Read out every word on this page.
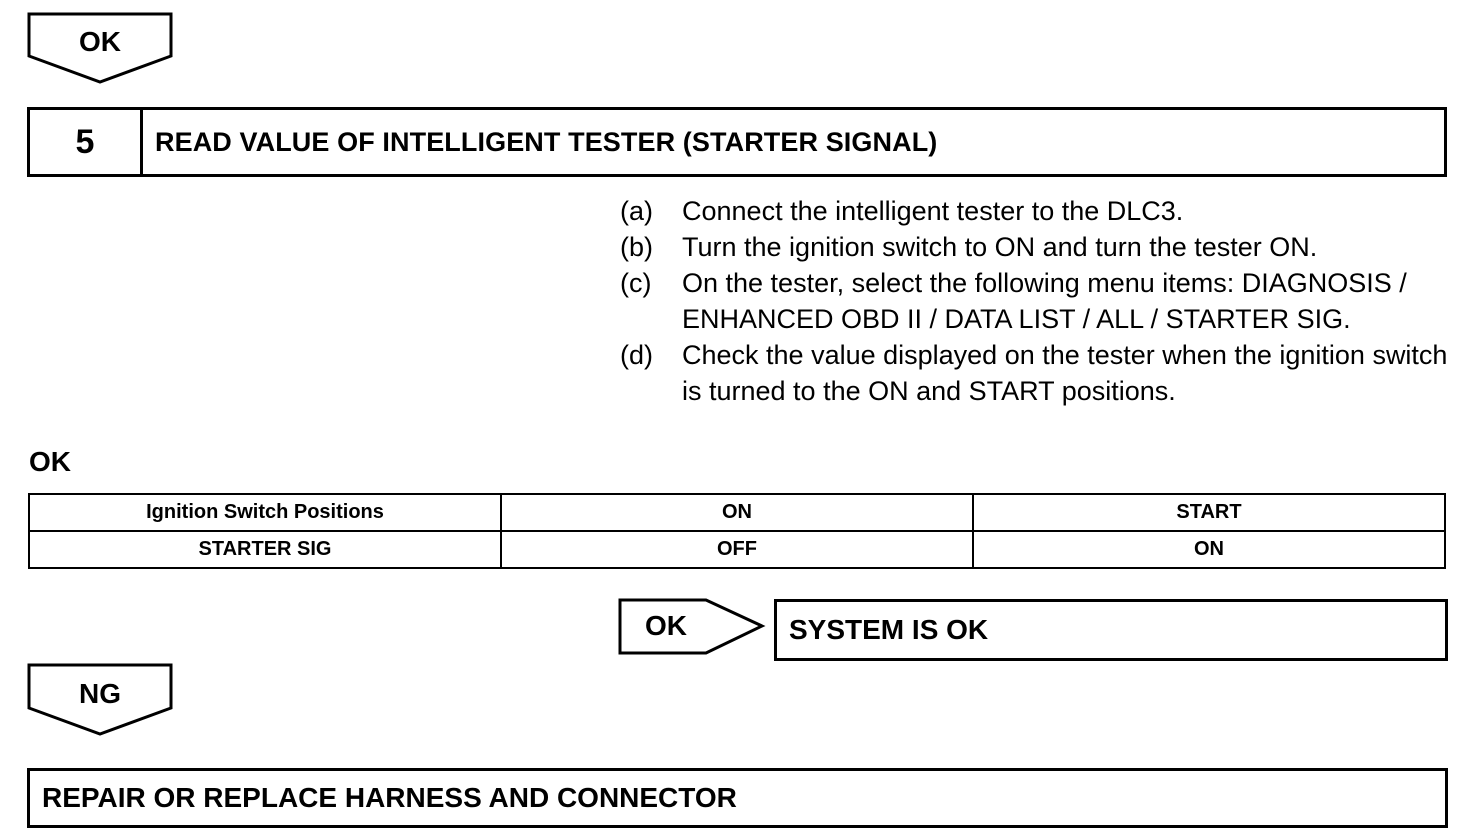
OK
5	READ VALUE OF INTELLIGENT TESTER (STARTER SIGNAL)
(a)	Connect the intelligent tester to the DLC3.
(b)	Turn the ignition switch to ON and turn the tester ON.
(c)	On the tester, select the following menu items: DIAGNOSIS / ENHANCED OBD II / DATA LIST / ALL / STARTER SIG.
(d)	Check the value displayed on the tester when the ignition switch is turned to the ON and START positions.
OK
Ignition Switch Positions	ON	START
STARTER SIG	OFF	ON
OK	SYSTEM IS OK
NG
REPAIR OR REPLACE HARNESS AND CONNECTOR
